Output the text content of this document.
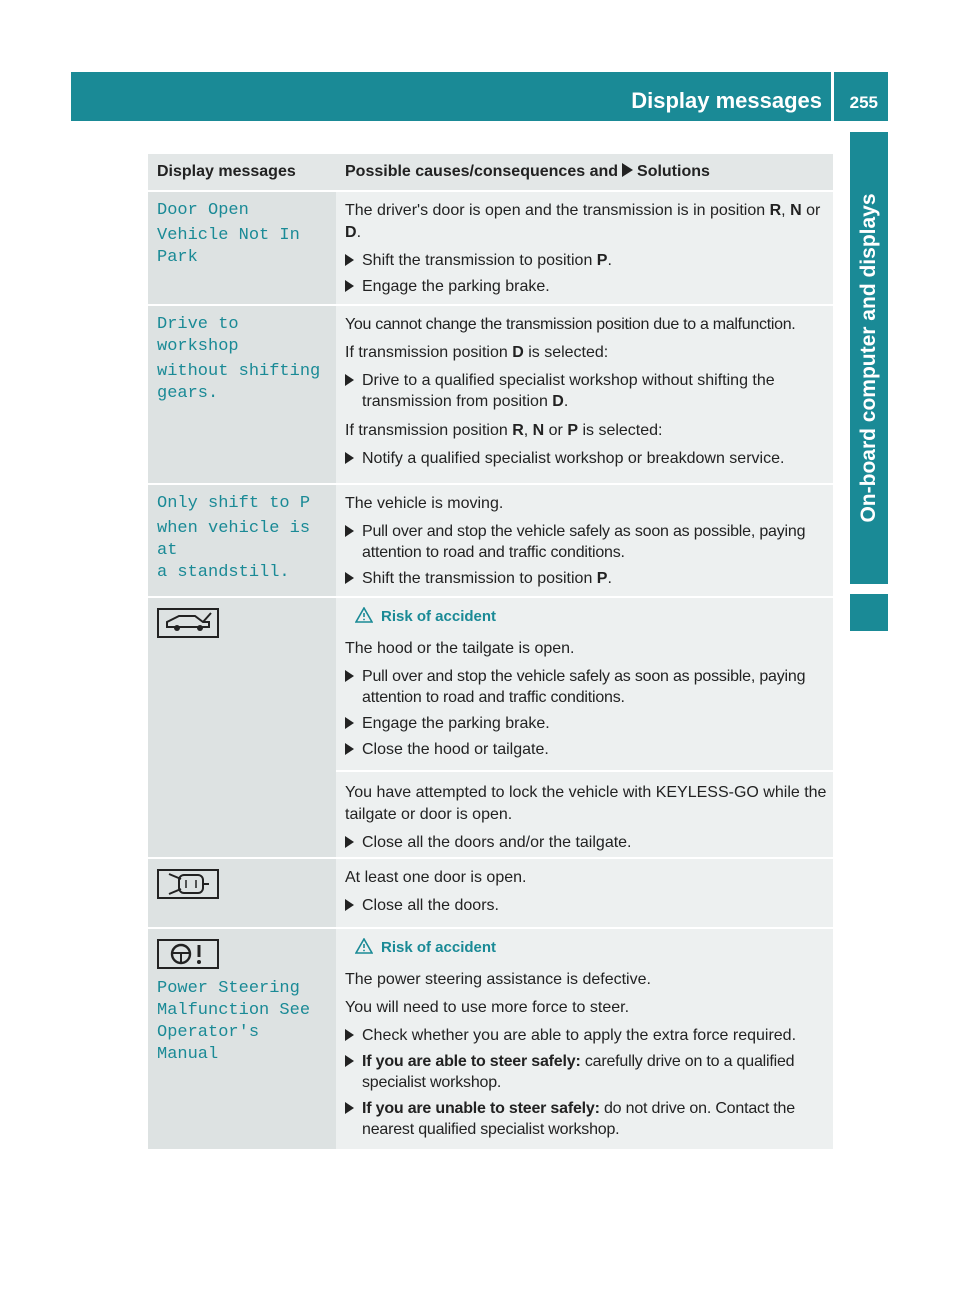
Display messages 255
On-board computer and displays
Display messages	Possible causes/consequences and Solutions
Door Open
Vehicle Not In Park

The driver's door is open and the transmission is in position R, N or D.

Shift the transmission to position P.
Engage the parking brake.
Drive to workshop
without shifting
gears.

You cannot change the transmission position due to a malfunction.

If transmission position D is selected:

Drive to a qualified specialist workshop without shifting the transmission from position D.

If transmission position R, N or P is selected:

Notify a qualified specialist workshop or breakdown service.
Only shift to P
when vehicle is at
a standstill.

The vehicle is moving.

Pull over and stop the vehicle safely as soon as possible, paying attention to road and traffic conditions.
Shift the transmission to position P.
Risk of accident

The hood or the tailgate is open.

Pull over and stop the vehicle safely as soon as possible, paying attention to road and traffic conditions.
Engage the parking brake.
Close the hood or tailgate.

You have attempted to lock the vehicle with KEYLESS-GO while the tailgate or door is open.

Close all the doors and/or the tailgate.

At least one door is open.

Close all the doors.
Power Steering
Malfunction See
Operator's Manual
Risk of accident

The power steering assistance is defective.

You will need to use more force to steer.

Check whether you are able to apply the extra force required.
If you are able to steer safely: carefully drive on to a qualified specialist workshop.
If you are unable to steer safely: do not drive on. Contact the nearest qualified specialist workshop.
